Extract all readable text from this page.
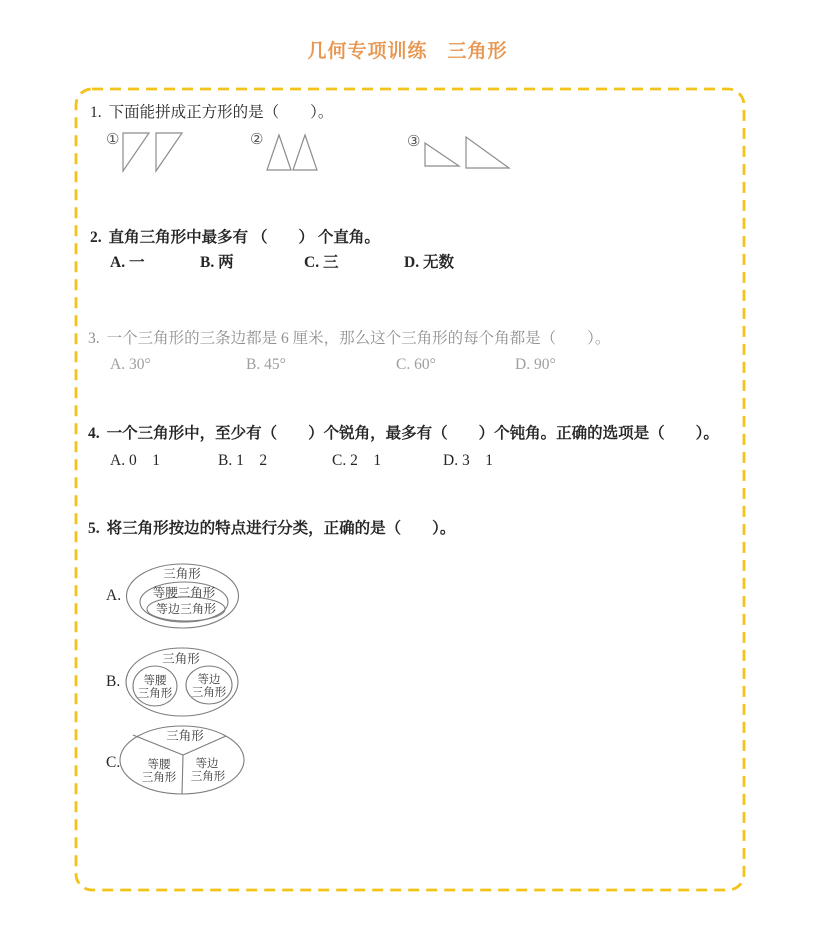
几何专项训练　三角形
1. 下面能拼成正方形的是（　　）。
①	②	③
2. 直角三角形中最多有 （　　） 个直角。
A. 一	B. 两	C. 三	D. 无数
3. 一个三角形的三条边都是 6 厘米，那么这个三角形的每个角都是（　　）。
A. 30°	B. 45°	C. 60°	D. 90°
4. 一个三角形中，至少有（　　）个锐角，最多有（　　）个钝角。正确的选项是（　　）。
A. 0　1	B. 1　2	C. 2　1	D. 3　1
5. 将三角形按边的特点进行分类，正确的是（　　）。
A.
三角形
等腰三角形
等边三角形
B.
三角形
等腰
三角形
等边
三角形
C.
三角形
等腰
三角形
等边
三角形
